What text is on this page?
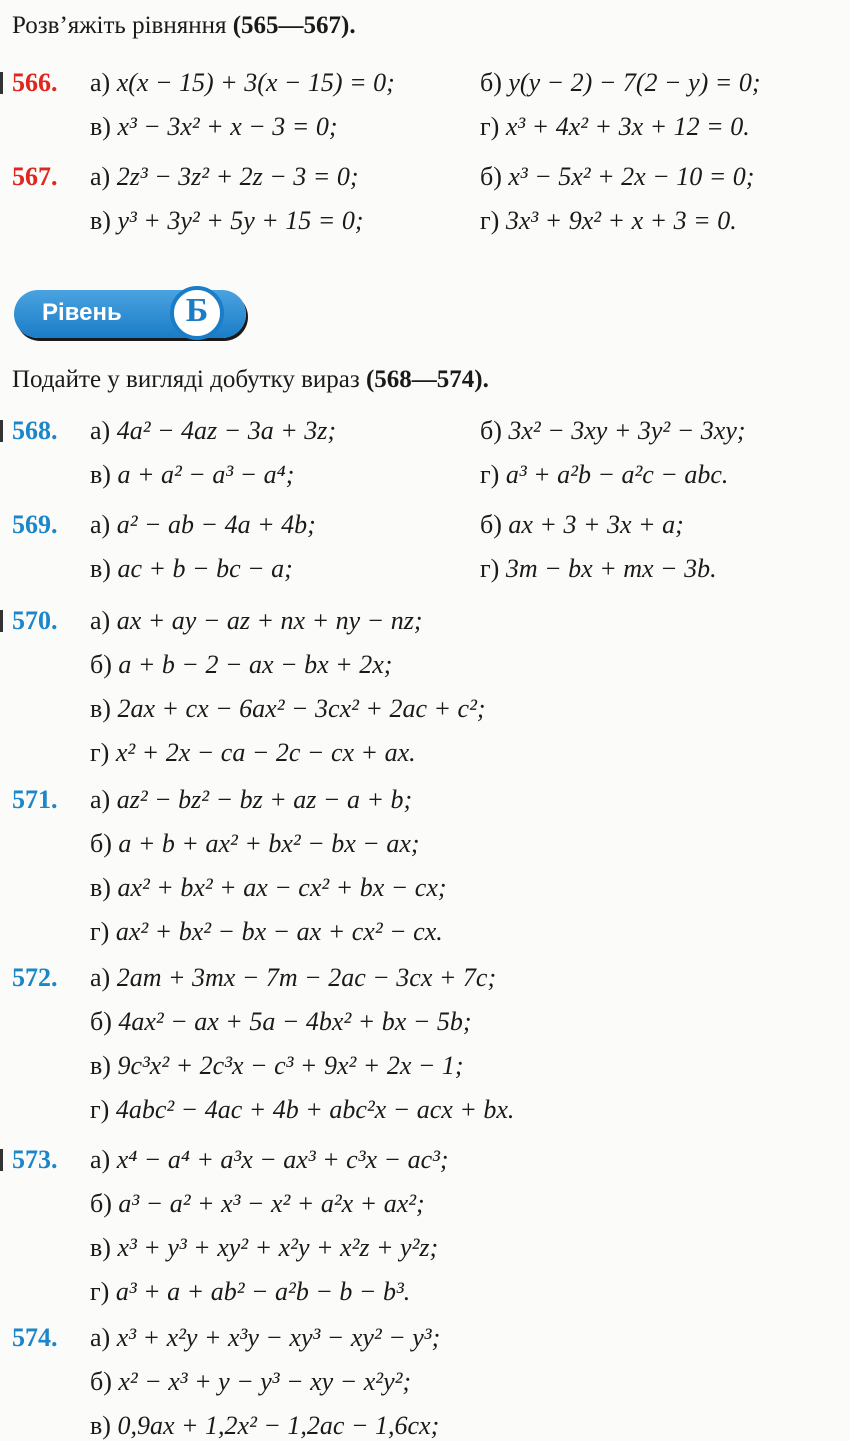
Розв’яжіть рівняння (565—567).
566. а) x(x − 15) + 3(x − 15) = 0;	б) y(y − 2) − 7(2 − y) = 0;
в) x³ − 3x² + x − 3 = 0;	г) x³ + 4x² + 3x + 12 = 0.
567. а) 2z³ − 3z² + 2z − 3 = 0;	б) x³ − 5x² + 2x − 10 = 0;
в) y³ + 3y² + 5y + 15 = 0;	г) 3x³ + 9x² + x + 3 = 0.
Рівень	Б
Подайте у вигляді добутку вираз (568—574).
568. а) 4a² − 4az − 3a + 3z;	б) 3x² − 3xy + 3y² − 3xy;
в) a + a² − a³ − a⁴;	г) a³ + a²b − a²c − abc.
569. а) a² − ab − 4a + 4b;	б) ax + 3 + 3x + a;
в) ac + b − bc − a;	г) 3m − bx + mx − 3b.
570. а) ax + ay − az + nx + ny − nz;
б) a + b − 2 − ax − bx + 2x;
в) 2ax + cx − 6ax² − 3cx² + 2ac + c²;
г) x² + 2x − ca − 2c − cx + ax.
571. а) az² − bz² − bz + az − a + b;
б) a + b + ax² + bx² − bx − ax;
в) ax² + bx² + ax − cx² + bx − cx;
г) ax² + bx² − bx − ax + cx² − cx.
572. а) 2am + 3mx − 7m − 2ac − 3cx + 7c;
б) 4ax² − ax + 5a − 4bx² + bx − 5b;
в) 9c³x² + 2c³x − c³ + 9x² + 2x − 1;
г) 4abc² − 4ac + 4b + abc²x − acx + bx.
573. а) x⁴ − a⁴ + a³x − ax³ + c³x − ac³;
б) a³ − a² + x³ − x² + a²x + ax²;
в) x³ + y³ + xy² + x²y + x²z + y²z;
г) a³ + a + ab² − a²b − b − b³.
574. а) x³ + x²y + x³y − xy³ − xy² − y³;
б) x² − x³ + y − y³ − xy − x²y²;
в) 0,9ax + 1,2x² − 1,2ac − 1,6cx;
